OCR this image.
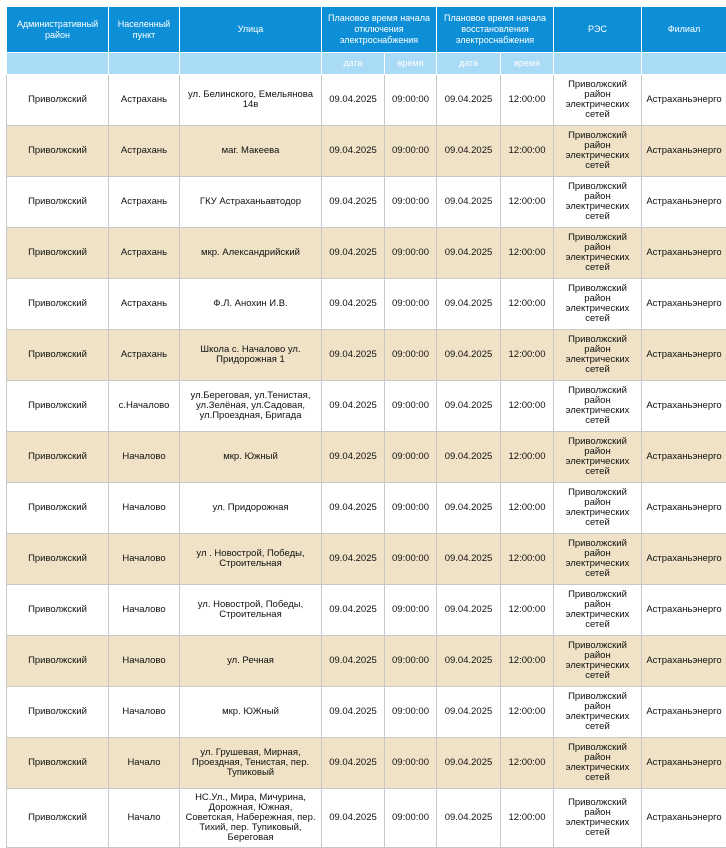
Административный район	Населенный пункт	Улица	Плановое время начала отключения электроснабжения		Плановое время начала восстановления электроснабжения		РЭС	Филиал
			дата	время	дата	время		
Приволжский	Астрахань	ул. Белинского, Емельянова 14в	09.04.2025	09:00:00	09.04.2025	12:00:00	Приволжский район электрических сетей	Астраханьэнерго
Приволжский	Астрахань	маг. Макеева	09.04.2025	09:00:00	09.04.2025	12:00:00	Приволжский район электрических сетей	Астраханьэнерго
Приволжский	Астрахань	ГКУ Астраханьавтодор	09.04.2025	09:00:00	09.04.2025	12:00:00	Приволжский район электрических сетей	Астраханьэнерго
Приволжский	Астрахань	мкр. Александрийский	09.04.2025	09:00:00	09.04.2025	12:00:00	Приволжский район электрических сетей	Астраханьэнерго
Приволжский	Астрахань	Ф.Л. Анохин И.В.	09.04.2025	09:00:00	09.04.2025	12:00:00	Приволжский район электрических сетей	Астраханьэнерго
Приволжский	Астрахань	Школа с. Началово ул. Придорожная 1	09.04.2025	09:00:00	09.04.2025	12:00:00	Приволжский район электрических сетей	Астраханьэнерго
Приволжский	с.Началово	ул.Береговая, ул.Тенистая, ул.Зелёная, ул.Садовая, ул.Проездная, Бригада	09.04.2025	09:00:00	09.04.2025	12:00:00	Приволжский район электрических сетей	Астраханьэнерго
Приволжский	Началово	мкр. Южный	09.04.2025	09:00:00	09.04.2025	12:00:00	Приволжский район электрических сетей	Астраханьэнерго
Приволжский	Началово	ул. Придорожная	09.04.2025	09:00:00	09.04.2025	12:00:00	Приволжский район электрических сетей	Астраханьэнерго
Приволжский	Началово	ул . Новострой, Победы, Строительная	09.04.2025	09:00:00	09.04.2025	12:00:00	Приволжский район электрических сетей	Астраханьэнерго
Приволжский	Началово	ул. Новострой, Победы, Строительная	09.04.2025	09:00:00	09.04.2025	12:00:00	Приволжский район электрических сетей	Астраханьэнерго
Приволжский	Началово	ул. Речная	09.04.2025	09:00:00	09.04.2025	12:00:00	Приволжский район электрических сетей	Астраханьэнерго
Приволжский	Началово	мкр. ЮЖный	09.04.2025	09:00:00	09.04.2025	12:00:00	Приволжский район электрических сетей	Астраханьэнерго
Приволжский	Начало	ул. Грушевая, Мирная, Проездная, Тенистая, пер. Тупиковый	09.04.2025	09:00:00	09.04.2025	12:00:00	Приволжский район электрических сетей	Астраханьэнерго
Приволжский	Начало	НС.Ул., Мира, Мичурина, Дорожная, Южная, Советская, Набережная, пер. Тихий, пер. Тупиковый, Береговая	09.04.2025	09:00:00	09.04.2025	12:00:00	Приволжский район электрических сетей	Астраханьэнерго
